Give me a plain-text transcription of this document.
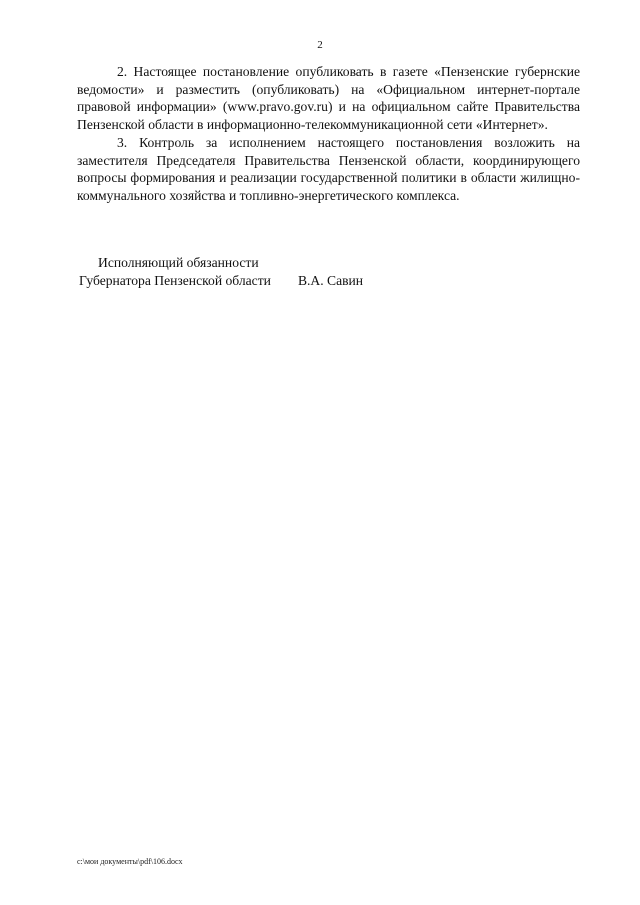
2

2. Настоящее постановление опубликовать в газете «Пензенские губернские ведомости» и разместить (опубликовать) на «Официальном интернет-портале правовой информации» (www.pravo.gov.ru) и на официальном сайте Правительства Пензенской области в информационно-телекоммуникационной сети «Интернет».

3. Контроль за исполнением настоящего постановления возложить на заместителя Председателя Правительства Пензенской области, координирующего вопросы формирования и реализации государственной политики в области жилищно-коммунального хозяйства и топливно-энергетического комплекса.

Исполняющий обязанности
Губернатора Пензенской области В.А. Савин
c:\мои документы\pdf\106.docx
